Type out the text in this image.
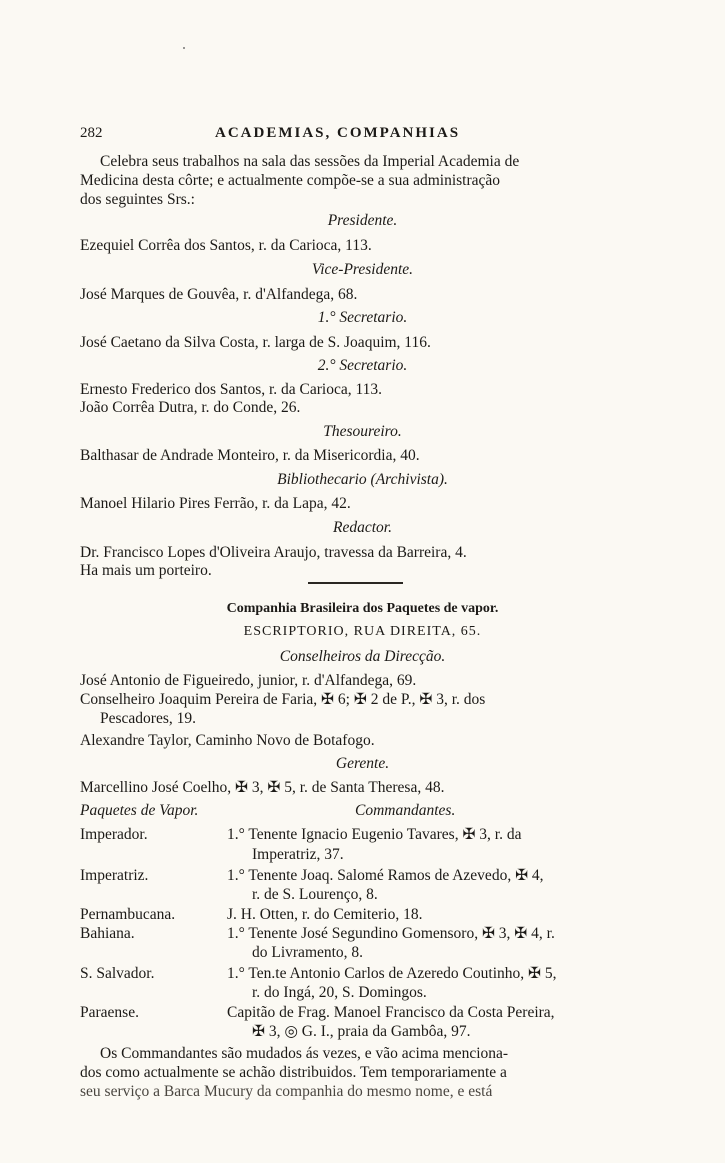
282	ACADEMIAS, COMPANHIAS
Celebra seus trabalhos na sala das sessões da Imperial Academia de
Medicina desta côrte; e actualmente compõe-se a sua administração
dos seguintes Srs.:
Presidente.
Ezequiel Corrêa dos Santos, r. da Carioca, 113.
Vice-Presidente.
José Marques de Gouvêa, r. d'Alfandega, 68.
1.° Secretario.
José Caetano da Silva Costa, r. larga de S. Joaquim, 116.
2.° Secretario.
Ernesto Frederico dos Santos, r. da Carioca, 113.
João Corrêa Dutra, r. do Conde, 26.
Thesoureiro.
Balthasar de Andrade Monteiro, r. da Misericordia, 40.
Bibliothecario (Archivista).
Manoel Hilario Pires Ferrão, r. da Lapa, 42.
Redactor.
Dr. Francisco Lopes d'Oliveira Araujo, travessa da Barreira, 4.
Ha mais um porteiro.
Companhia Brasileira dos Paquetes de vapor.
ESCRIPTORIO, RUA DIREITA, 65.
Conselheiros da Direcção.
José Antonio de Figueiredo, junior, r. d'Alfandega, 69.
Conselheiro Joaquim Pereira de Faria, ✠ 6; ✠ 2 de P., ✠ 3, r. dos
Pescadores, 19.
Alexandre Taylor, Caminho Novo de Botafogo.
Gerente.
Marcellino José Coelho, ✠ 3, ✠ 5, r. de Santa Theresa, 48.
Paquetes de Vapor.	Commandantes.
Imperador.	1.° Tenente Ignacio Eugenio Tavares, ✠ 3, r. da
Imperatriz, 37.
Imperatriz.	1.° Tenente Joaq. Salomé Ramos de Azevedo, ✠ 4,
r. de S. Lourenço, 8.
Pernambucana.	J. H. Otten, r. do Cemiterio, 18.
Bahiana.	1.° Tenente José Segundino Gomensoro, ✠ 3, ✠ 4, r.
do Livramento, 8.
S. Salvador.	1.° Ten.te Antonio Carlos de Azeredo Coutinho, ✠ 5,
r. do Ingá, 20, S. Domingos.
Paraense.	Capitão de Frag. Manoel Francisco da Costa Pereira,
✠ 3, ◎ G. I., praia da Gambôa, 97.
Os Commandantes são mudados ás vezes, e vão acima menciona-
dos como actualmente se achão distribuidos. Tem temporariamente a
seu serviço a Barca Mucury da companhia do mesmo nome, e está
